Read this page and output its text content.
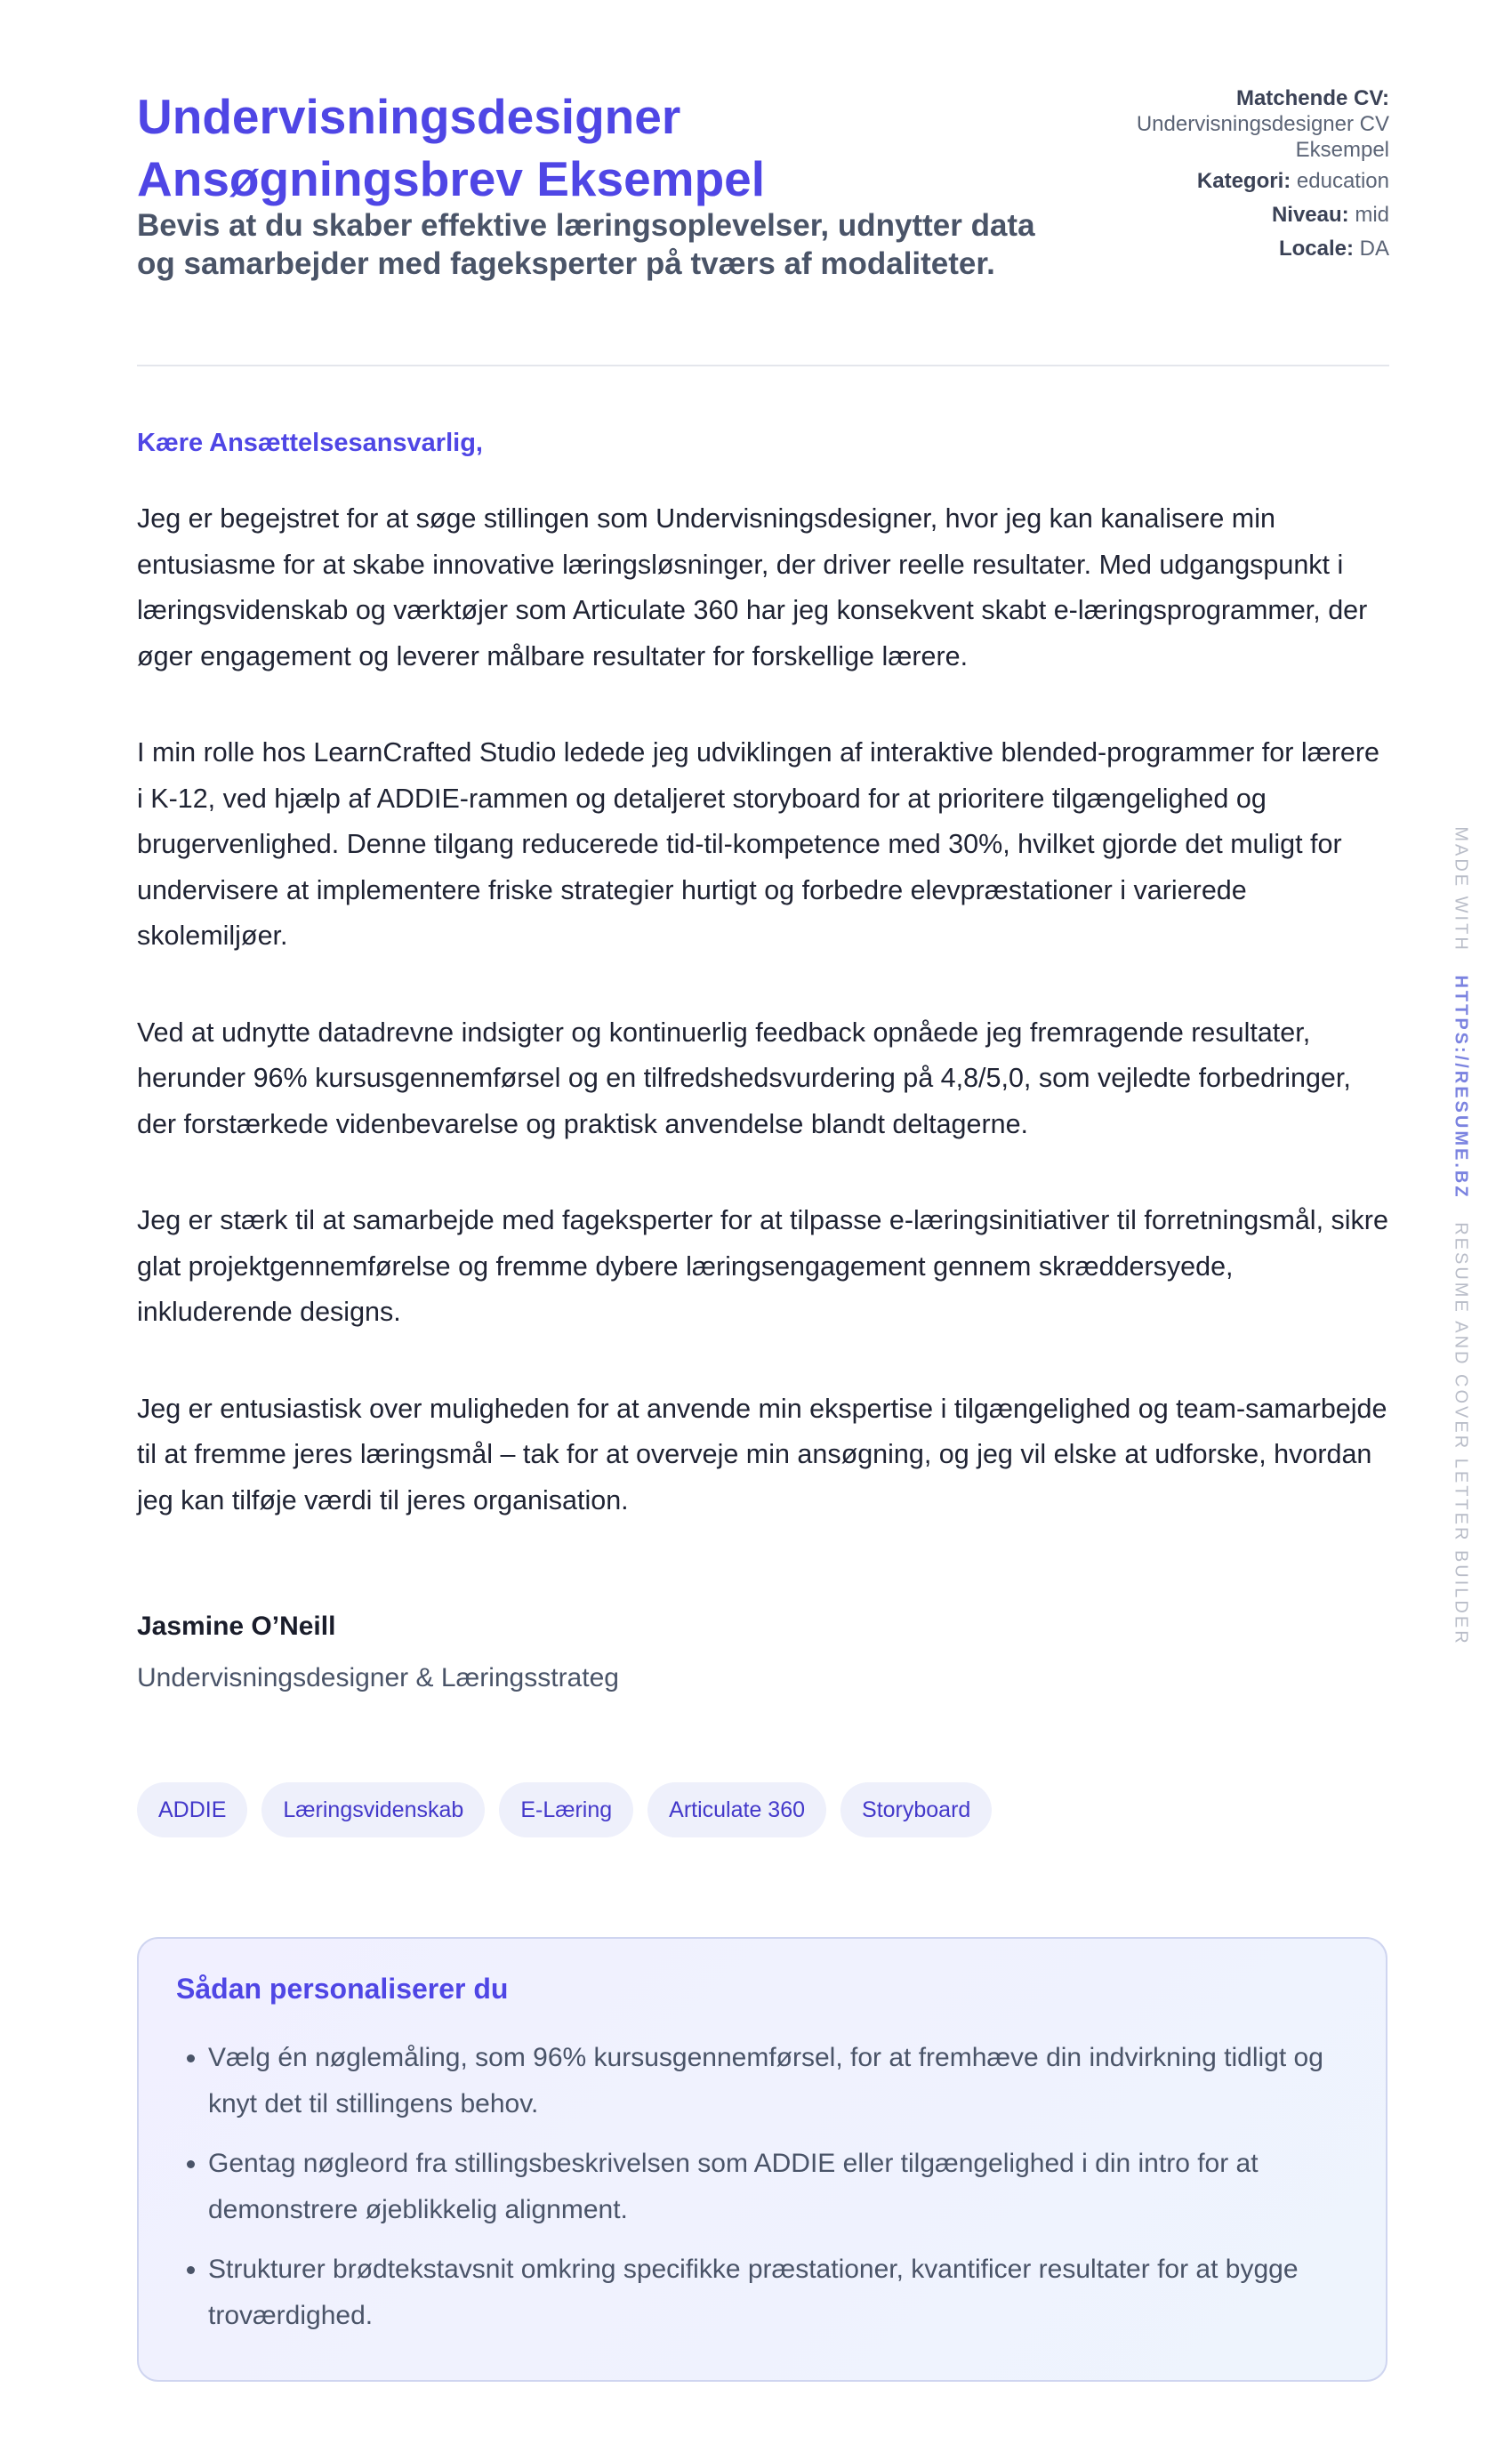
Undervisningsdesigner
Ansøgningsbrev Eksempel

Bevis at du skaber effektive læringsoplevelser, udnytter data og samarbejder med fageksperter på tværs af modaliteter.

Matchende CV:
Undervisningsdesigner CV Eksempel
Kategori: education
Niveau: mid
Locale: DA
Kære Ansættelsesansvarlig,

Jeg er begejstret for at søge stillingen som Undervisningsdesigner, hvor jeg kan kanalisere min entusiasme for at skabe innovative læringsløsninger, der driver reelle resultater. Med udgangspunkt i læringsvidenskab og værktøjer som Articulate 360 har jeg konsekvent skabt e-læringsprogrammer, der øger engagement og leverer målbare resultater for forskellige lærere.

I min rolle hos LearnCrafted Studio ledede jeg udviklingen af interaktive blended-programmer for lærere i K-12, ved hjælp af ADDIE-rammen og detaljeret storyboard for at prioritere tilgængelighed og brugervenlighed. Denne tilgang reducerede tid-til-kompetence med 30%, hvilket gjorde det muligt for undervisere at implementere friske strategier hurtigt og forbedre elevpræstationer i varierede skolemiljøer.

Ved at udnytte datadrevne indsigter og kontinuerlig feedback opnåede jeg fremragende resultater, herunder 96% kursusgennemførsel og en tilfredshedsvurdering på 4,8/5,0, som vejledte forbedringer, der forstærkede videnbevarelse og praktisk anvendelse blandt deltagerne.

Jeg er stærk til at samarbejde med fageksperter for at tilpasse e-læringsinitiativer til forretningsmål, sikre glat projektgennemførelse og fremme dybere læringsengagement gennem skræddersyede, inkluderende designs.

Jeg er entusiastisk over muligheden for at anvende min ekspertise i tilgængelighed og team-samarbejde til at fremme jeres læringsmål – tak for at overveje min ansøgning, og jeg vil elske at udforske, hvordan jeg kan tilføje værdi til jeres organisation.

Jasmine O’Neill
Undervisningsdesigner & Læringsstrateg
ADDIE	Læringsvidenskab	E-Læring	Articulate 360	Storyboard
Sådan personaliserer du
• Vælg én nøglemåling, som 96% kursusgennemførsel, for at fremhæve din indvirkning tidligt og knyt det til stillingens behov.
• Gentag nøgleord fra stillingsbeskrivelsen som ADDIE eller tilgængelighed i din intro for at demonstrere øjeblikkelig alignment.
• Strukturer brødtekstavsnit omkring specifikke præstationer, kvantificer resultater for at bygge troværdighed.
MADE WITH   HTTPS://RESUME.BZ   RESUME AND COVER LETTER BUILDER
